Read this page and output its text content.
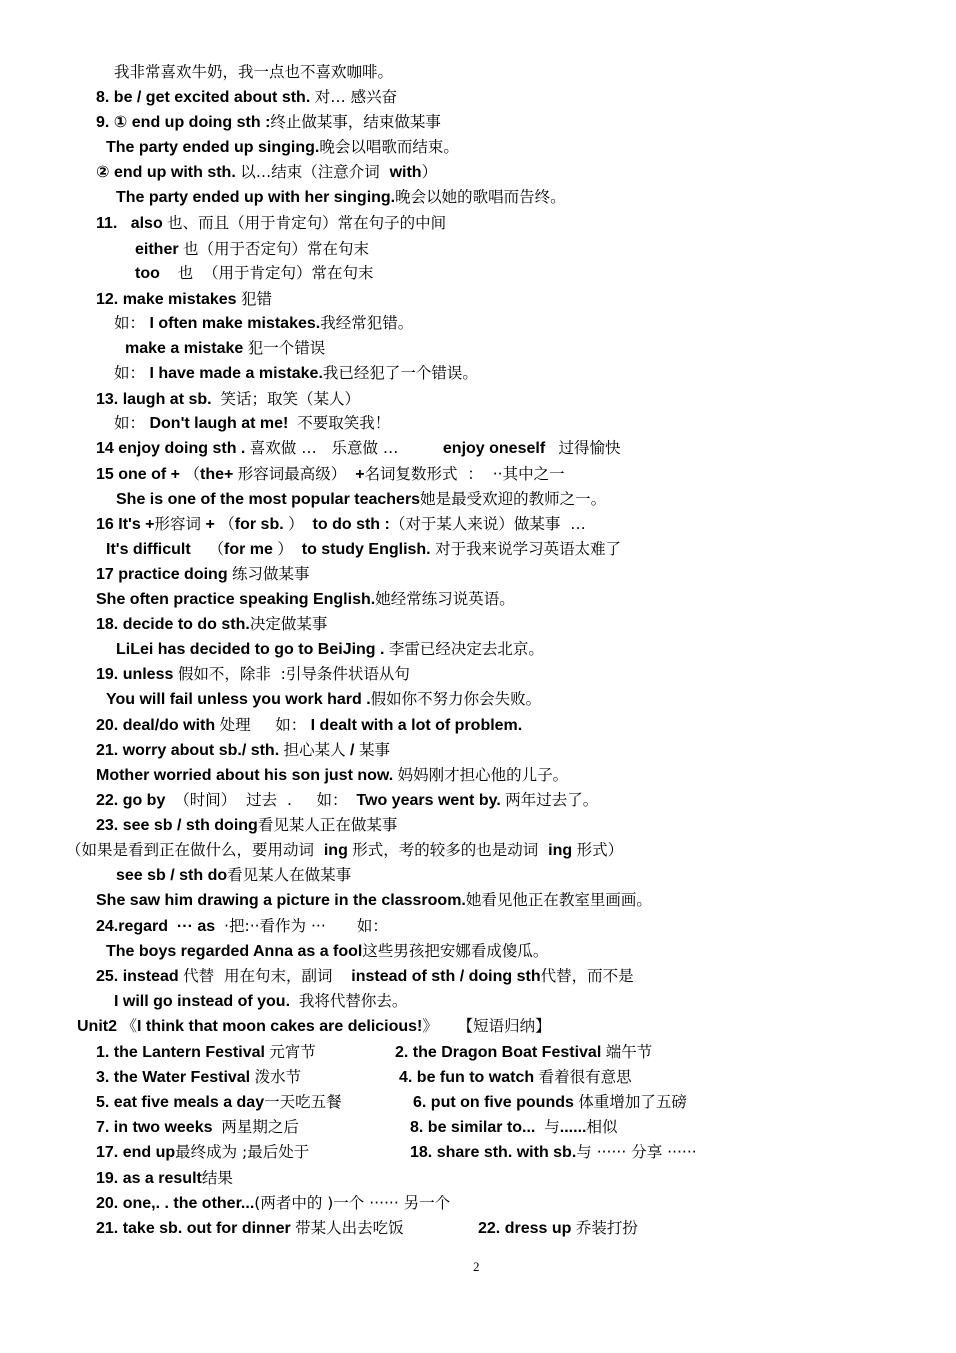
我非常喜欢牛奶，我一点也不喜欢咖啡。
8. be / get excited about sth. 对… 感兴奋
9. ① end up doing sth :终止做某事，结束做某事
The party ended up singing.晚会以唱歌而结束。
② end up with sth. 以…结束（注意介词  with）
The party ended up with her singing.晚会以她的歌唱而告终。
11.   also 也、而且（用于肯定句）常在句子的中间
either 也（用于否定句）常在句末
too    也  （用于肯定句）常在句末
12. make mistakes 犯错
如： I often make mistakes.我经常犯错。
make a mistake 犯一个错误
如： I have made a mistake.我已经犯了一个错误。
13. laugh at sb.  笑话；取笑（某人）
如： Don't laugh at me!  不要取笑我！
14 enjoy doing sth . 喜欢做 …   乐意做 …          enjoy oneself   过得愉快
15 one of + （the+ 形容词最高级）  +名词复数形式  ：  ··其中之一
She is one of the most popular teachers她是最受欢迎的教师之一。
16 It's +形容词 + （for sb. ）  to do sth :（对于某人来说）做某事  …
It's difficult    （for me ）  to study English. 对于我来说学习英语太难了
17 practice doing 练习做某事
She often practice speaking English.她经常练习说英语。
18. decide to do sth.决定做某事
LiLei has decided to go to BeiJing . 李雷已经决定去北京。
19. unless 假如不，除非  :引导条件状语从句
You will fail unless you work hard .假如你不努力你会失败。
20. deal/do with 处理     如： I dealt with a lot of problem.
21. worry about sb./ sth. 担心某人 / 某事
Mother worried about his son just now. 妈妈刚才担心他的儿子。
22. go by  （时间）  过去  .     如：  Two years went by. 两年过去了。
23. see sb / sth doing看见某人正在做某事
（如果是看到正在做什么，要用动词  ing 形式，考的较多的也是动词  ing 形式）
see sb / sth do看见某人在做某事
She saw him drawing a picture in the classroom.她看见他正在教室里画画。
24.regard  ··· as  ·把:··看作为 ··· 如：
The boys regarded Anna as a fool这些男孩把安娜看成傻瓜。
25. instead 代替  用在句末，副词    instead of sth / doing sth代替，而不是
I will go instead of you.  我将代替你去。
Unit2 《I think that moon cakes are delicious!》    【短语归纳】
1. the Lantern Festival 元宵节	2. the Dragon Boat Festival 端午节
3. the Water Festival 泼水节	4. be fun to watch 看着很有意思
5. eat five meals a day一天吃五餐	6. put on five pounds 体重增加了五磅
7. in two weeks  两星期之后	8. be similar to...  与......相似
17. end up最终成为 ;最后处于	18. share sth. with sb.与 ······ 分享 ······
19. as a result结果
20. one,. . the other...(两者中的 )一个 ······ 另一个
21. take sb. out for dinner 带某人出去吃饭	22. dress up 乔装打扮
2
